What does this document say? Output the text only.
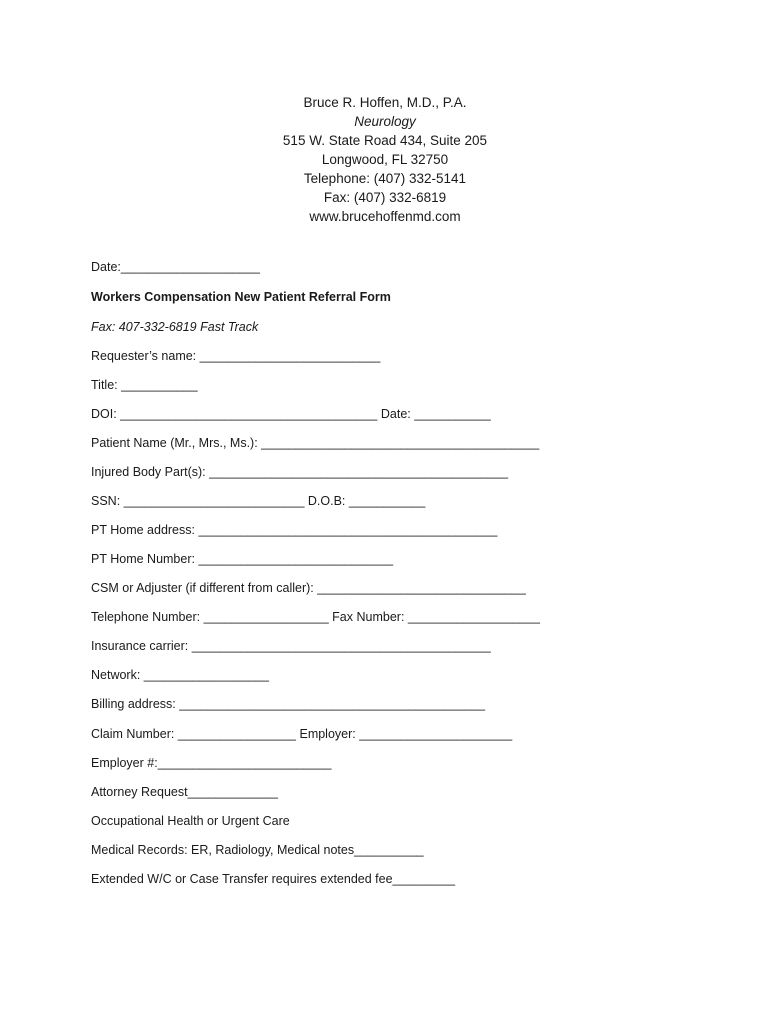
Bruce R. Hoffen, M.D., P.A.
Neurology
515 W. State Road 434, Suite 205
Longwood, FL 32750
Telephone: (407) 332-5141
Fax: (407) 332-6819
www.brucehoffenmd.com
Date:____________________
Workers Compensation New Patient Referral Form
Fax: 407-332-6819 Fast Track
Requester’s name: __________________________
Title: ___________
DOI: _____________________________________ Date: ___________
Patient Name (Mr., Mrs., Ms.): ________________________________________
Injured Body Part(s): ___________________________________________
SSN: __________________________ D.O.B: ___________
PT Home address: ___________________________________________
PT Home Number: ____________________________
CSM or Adjuster (if different from caller): ______________________________
Telephone Number: __________________ Fax Number: ___________________
Insurance carrier: ___________________________________________
Network: __________________
Billing address: ____________________________________________
Claim Number: _________________ Employer: ______________________
Employer #:_________________________
Attorney Request_____________
Occupational Health or Urgent Care
Medical Records: ER, Radiology, Medical notes__________
Extended W/C or Case Transfer requires extended fee_________
